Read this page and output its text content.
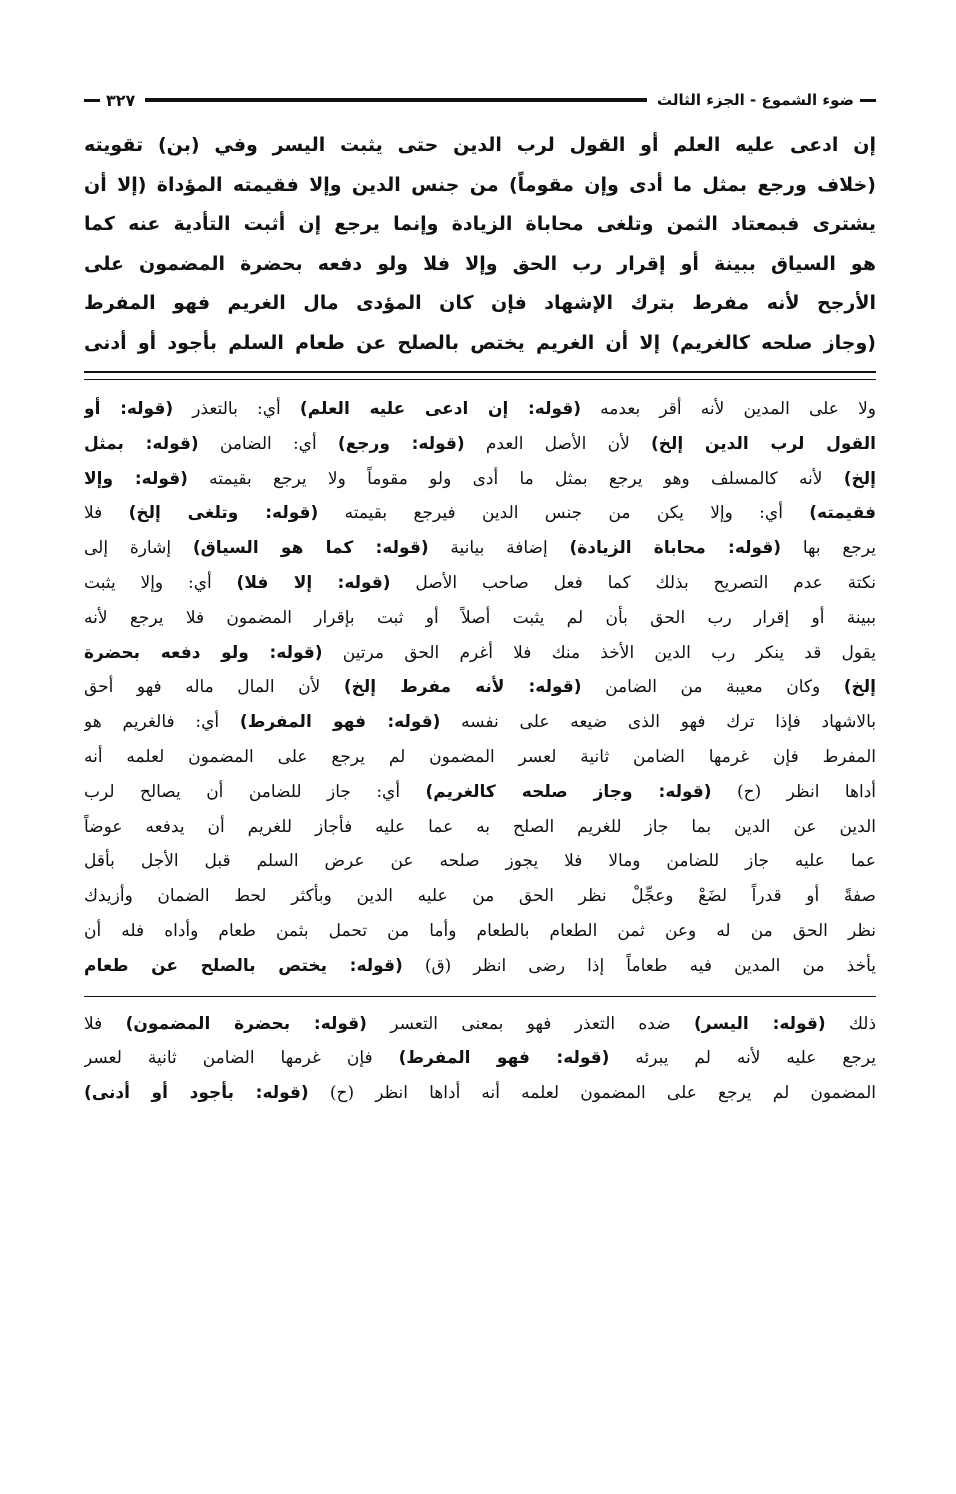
ضوء الشموع - الجزء الثالث
٣٢٧
إن ادعى عليه العلم أو القول لرب الدين حتى يثبت اليسر وفي (بن) تقويته
(خلاف ورجع بمثل ما أدى وإن مقوماً) من جنس الدين وإلا فقيمته المؤداة (إلا أن
يشترى فبمعتاد الثمن وتلغى محاباة الزيادة وإنما يرجع إن أثبت التأدية عنه كما
هو السياق ببينة أو إقرار رب الحق وإلا فلا ولو دفعه بحضرة المضمون على
الأرجح لأنه مفرط بترك الإشهاد فإن كان المؤدى مال الغريم فهو المفرط
(وجاز صلحه كالغريم) إلا أن الغريم يختص بالصلح عن طعام السلم بأجود أو أدنى
ولا على المدين لأنه أقر بعدمه (قوله: إن ادعى عليه العلم) أي: بالتعذر (قوله: أو
القول لرب الدين إلخ) لأن الأصل العدم (قوله: ورجع) أي: الضامن (قوله: بمثل
إلخ) لأنه كالمسلف وهو يرجع بمثل ما أدى ولو مقوماً ولا يرجع بقيمته (قوله: وإلا
فقيمته) أي: وإلا يكن من جنس الدين فيرجع بقيمته (قوله: وتلغى إلخ) فلا
يرجع بها (قوله: محاباة الزيادة) إضافة بيانية (قوله: كما هو السياق) إشارة إلى
نكتة عدم التصريح بذلك كما فعل صاحب الأصل (قوله: إلا فلا) أي: وإلا يثبت
ببينة أو إقرار رب الحق بأن لم يثبت أصلاً أو ثبت بإقرار المضمون فلا يرجع لأنه
يقول قد ينكر رب الدين الأخذ منك فلا أغرم الحق مرتين (قوله: ولو دفعه بحضرة
إلخ) وكان معيبة من الضامن (قوله: لأنه مفرط إلخ) لأن المال ماله فهو أحق
بالاشهاد فإذا ترك فهو الذى ضيعه على نفسه (قوله: فهو المفرط) أي: فالغريم هو
المفرط فإن غرمها الضامن ثانية لعسر المضمون لم يرجع على المضمون لعلمه أنه
أداها انظر (ح) (قوله: وجاز صلحه كالغريم) أي: جاز للضامن أن يصالح لرب
الدين عن الدين بما جاز للغريم الصلح به عما عليه فأجاز للغريم أن يدفعه عوضاً
عما عليه جاز للضامن ومالا فلا يجوز صلحه عن عرض السلم قبل الأجل بأقل
صفةً أو قدراً لضَعْ وعجِّلْ نظر الحق من عليه الدين وبأكثر لحط الضمان وأزيدك
نظر الحق من له وعن ثمن الطعام بالطعام وأما من تحمل بثمن طعام وأداه فله أن
يأخذ من المدين فيه طعاماً إذا رضى انظر (ق) (قوله: يختص بالصلح عن طعام
ذلك (قوله: اليسر) ضده التعذر فهو بمعنى التعسر (قوله: بحضرة المضمون) فلا
يرجع عليه لأنه لم يبرئه (قوله: فهو المفرط) فإن غرمها الضامن ثانية لعسر
المضمون لم يرجع على المضمون لعلمه أنه أداها انظر (ح) (قوله: بأجود أو أدنى)
